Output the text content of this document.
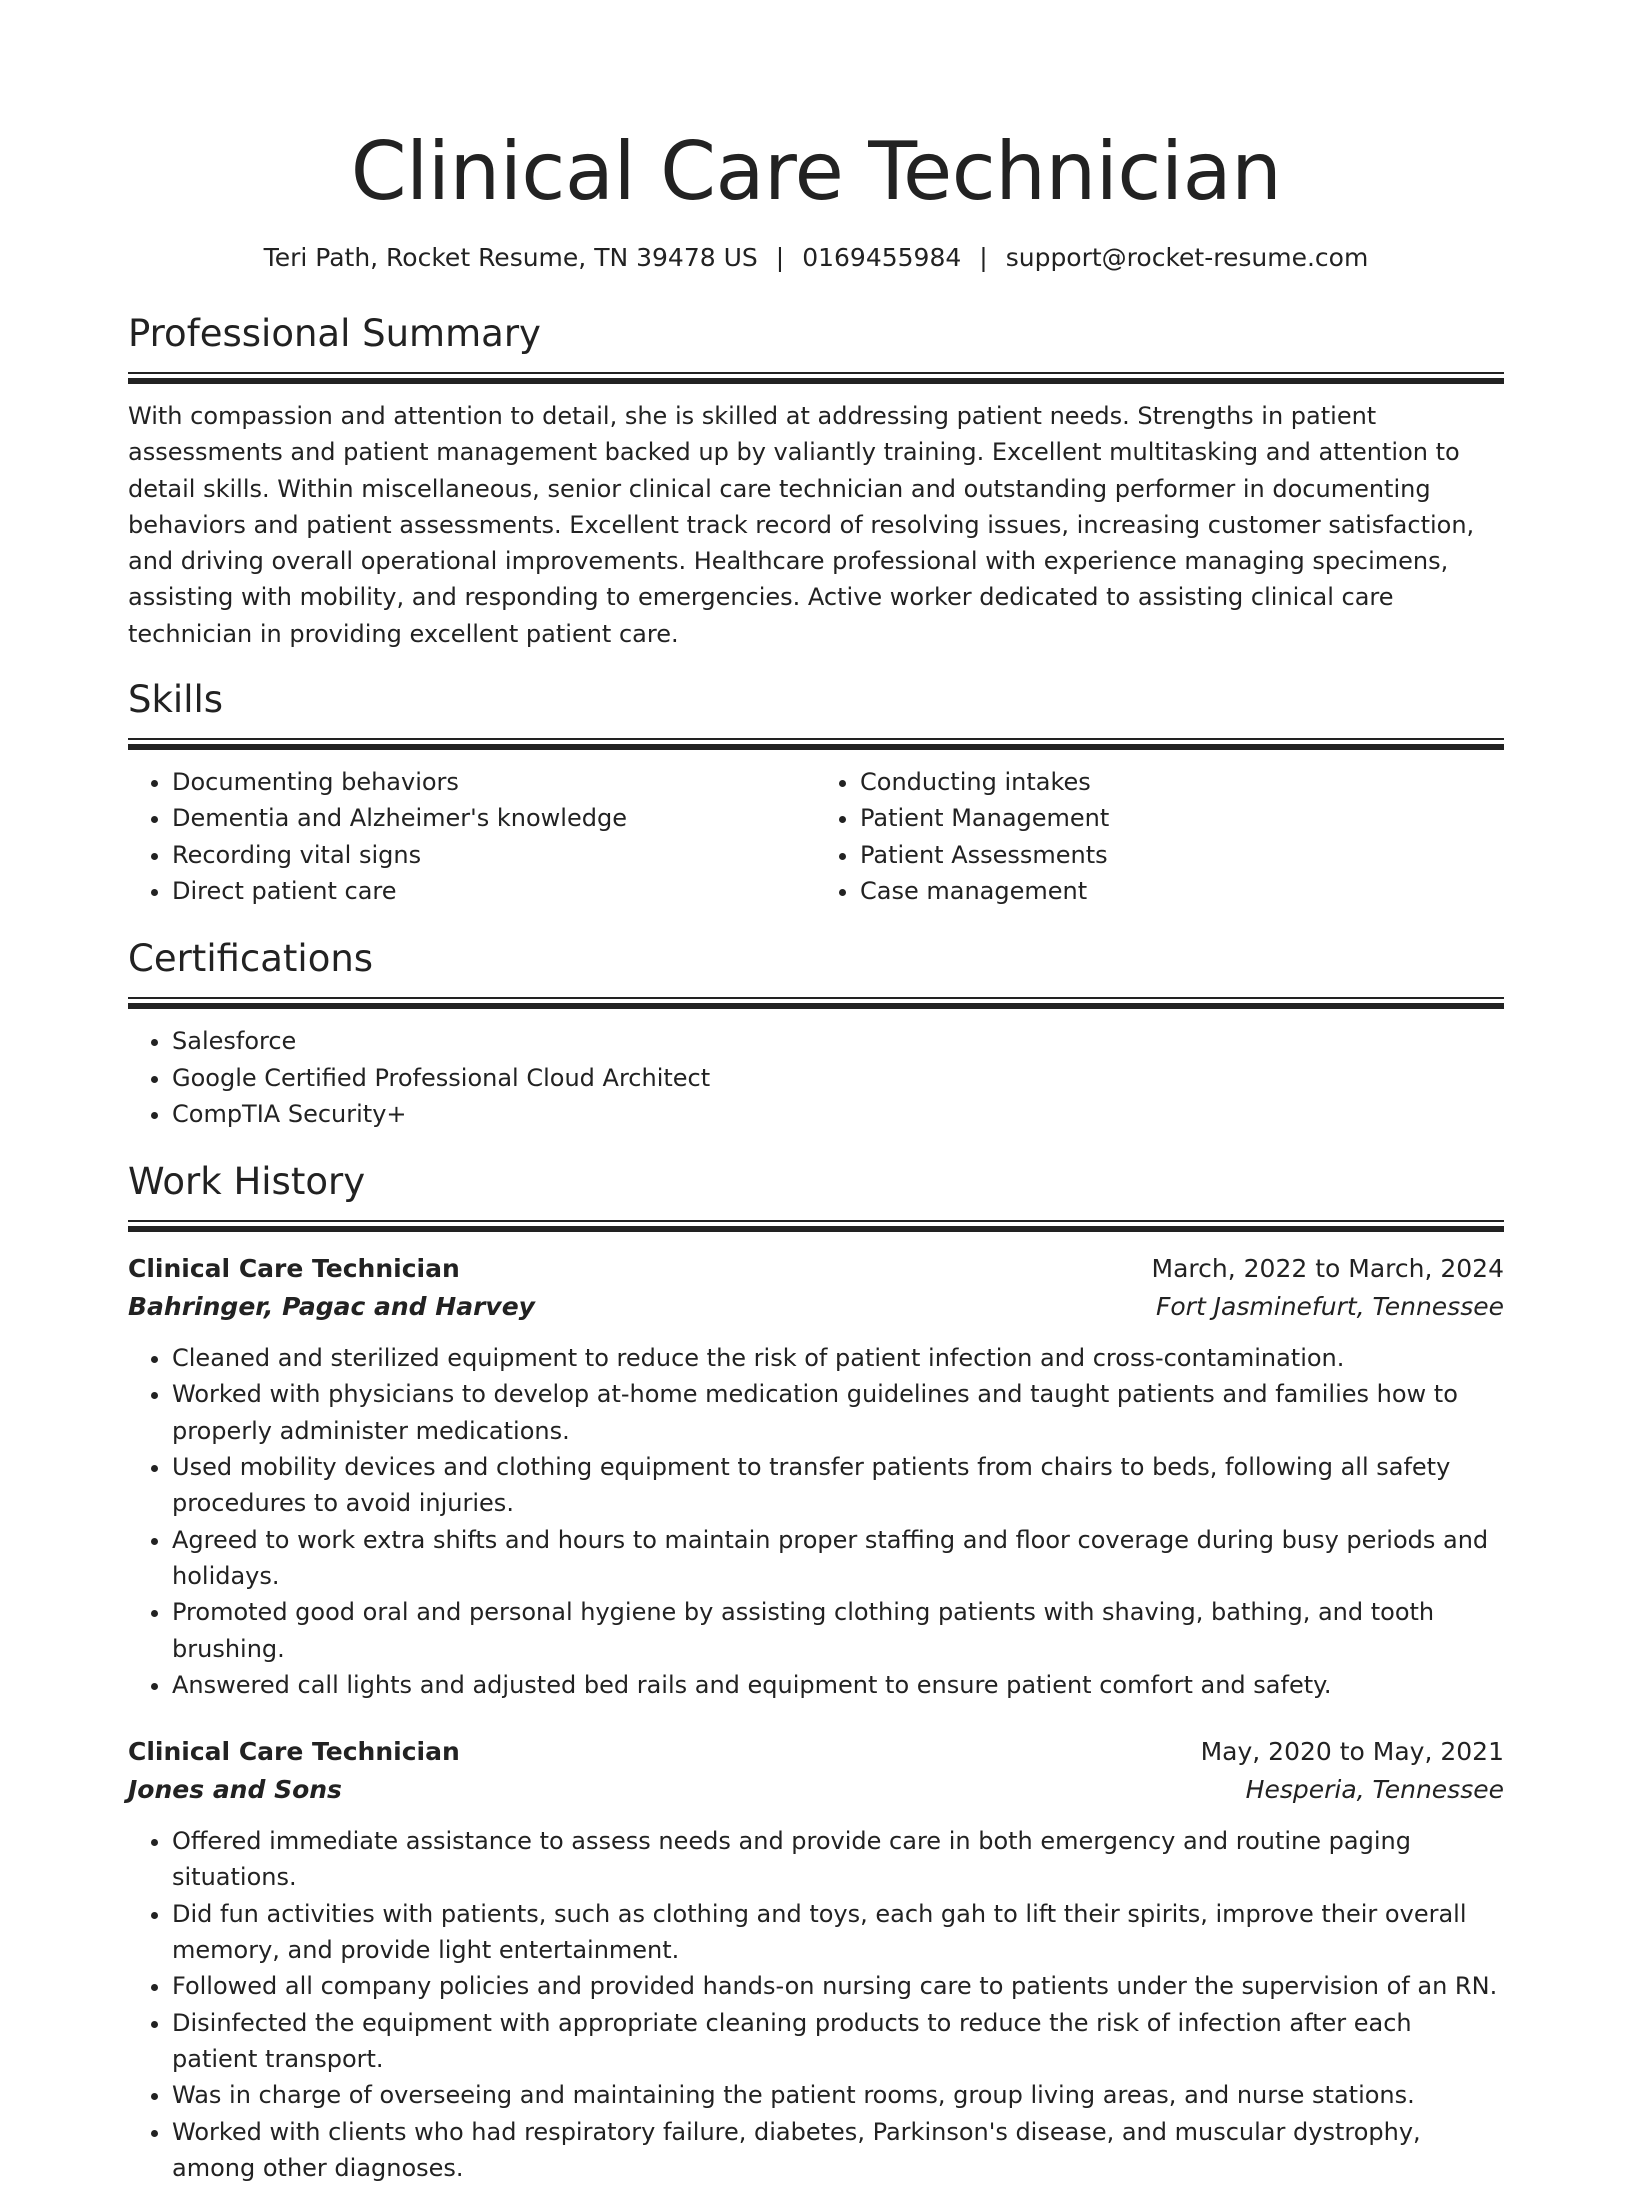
Clinical Care Technician
Teri Path, Rocket Resume, TN 39478 US | 0169455984 | support@rocket-resume.com
Professional Summary

With compassion and attention to detail, she is skilled at addressing patient needs. Strengths in patient assessments and patient management backed up by valiantly training. Excellent multitasking and attention to detail skills. Within miscellaneous, senior clinical care technician and outstanding performer in documenting behaviors and patient assessments. Excellent track record of resolving issues, increasing customer satisfaction, and driving overall operational improvements. Healthcare professional with experience managing specimens, assisting with mobility, and responding to emergencies. Active worker dedicated to assisting clinical care technician in providing excellent patient care.

Skills
• Documenting behaviors
• Dementia and Alzheimer's knowledge
• Recording vital signs
• Direct patient care
• Conducting intakes
• Patient Management
• Patient Assessments
• Case management
Certifications
• Salesforce
• Google Certified Professional Cloud Architect
• CompTIA Security+
Work History
Clinical Care Technician	March, 2022 to March, 2024
Bahringer, Pagac and Harvey	Fort Jasminefurt, Tennessee
• Cleaned and sterilized equipment to reduce the risk of patient infection and cross-contamination.
• Worked with physicians to develop at-home medication guidelines and taught patients and families how to properly administer medications.
• Used mobility devices and clothing equipment to transfer patients from chairs to beds, following all safety procedures to avoid injuries.
• Agreed to work extra shifts and hours to maintain proper staffing and floor coverage during busy periods and holidays.
• Promoted good oral and personal hygiene by assisting clothing patients with shaving, bathing, and tooth brushing.
• Answered call lights and adjusted bed rails and equipment to ensure patient comfort and safety.
Clinical Care Technician	May, 2020 to May, 2021
Jones and Sons	Hesperia, Tennessee
• Offered immediate assistance to assess needs and provide care in both emergency and routine paging situations.
• Did fun activities with patients, such as clothing and toys, each gah to lift their spirits, improve their overall memory, and provide light entertainment.
• Followed all company policies and provided hands-on nursing care to patients under the supervision of an RN.
• Disinfected the equipment with appropriate cleaning products to reduce the risk of infection after each patient transport.
• Was in charge of overseeing and maintaining the patient rooms, group living areas, and nurse stations.
• Worked with clients who had respiratory failure, diabetes, Parkinson's disease, and muscular dystrophy, among other diagnoses.
